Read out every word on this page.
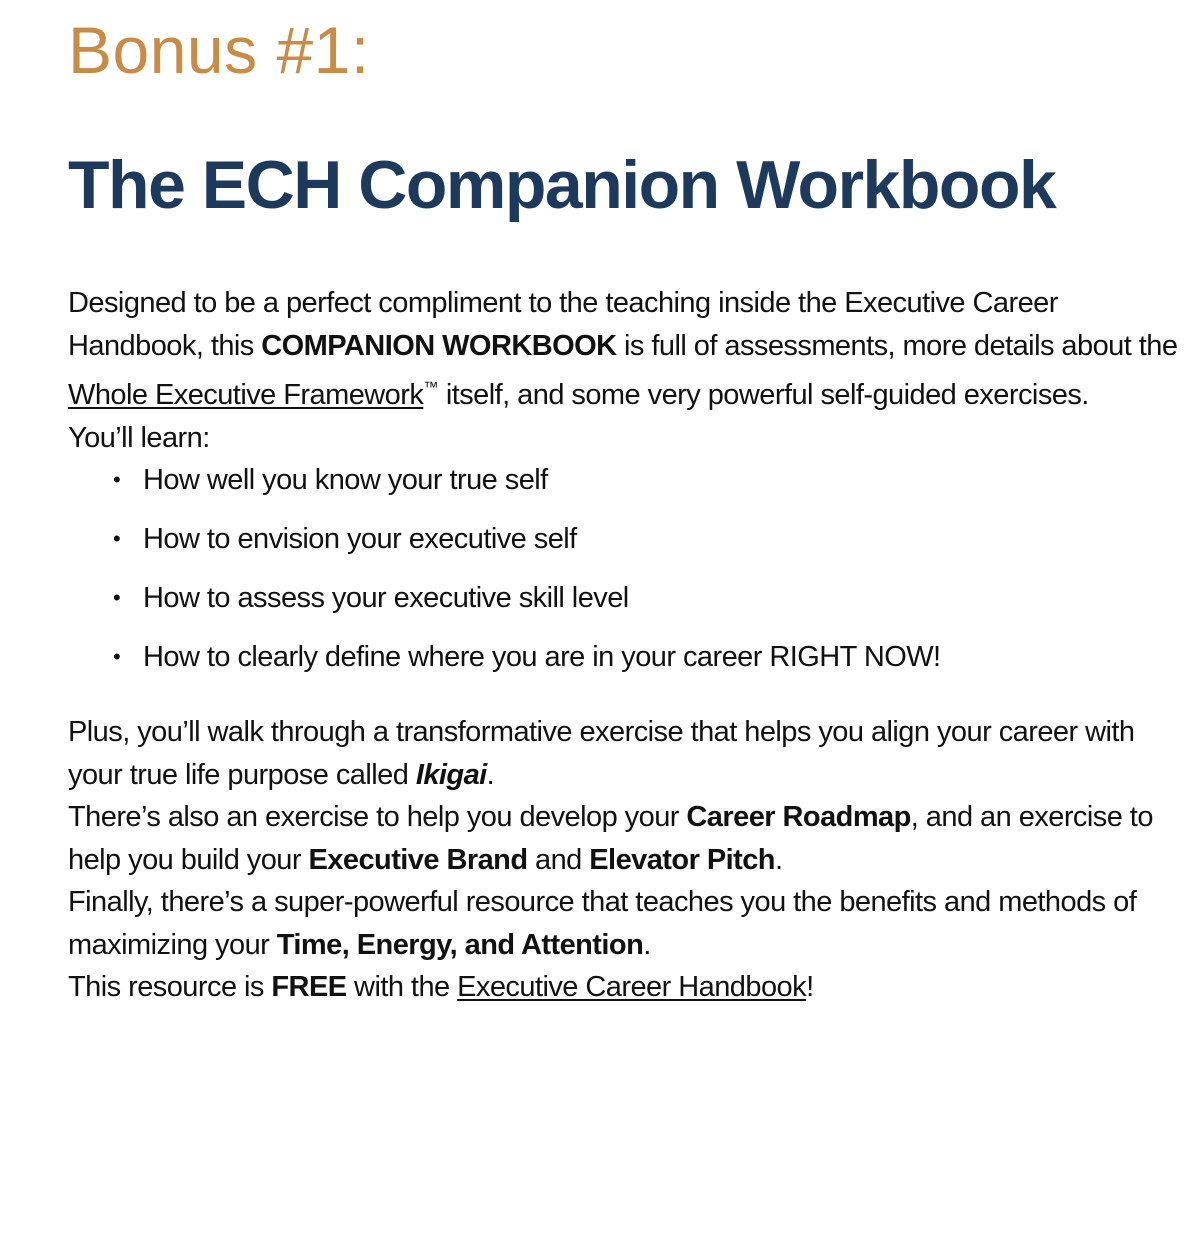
Bonus #1:
The ECH Companion Workbook

Designed to be a perfect compliment to the teaching inside the Executive Career Handbook, this COMPANION WORKBOOK is full of assessments, more details about the Whole Executive Framework™ itself, and some very powerful self-guided exercises.

You’ll learn:

• How well you know your true self
• How to envision your executive self
• How to assess your executive skill level
• How to clearly define where you are in your career RIGHT NOW!

Plus, you’ll walk through a transformative exercise that helps you align your career with your true life purpose called Ikigai.

There’s also an exercise to help you develop your Career Roadmap, and an exercise to help you build your Executive Brand and Elevator Pitch.

Finally, there’s a super-powerful resource that teaches you the benefits and methods of maximizing your Time, Energy, and Attention.

This resource is FREE with the Executive Career Handbook!
